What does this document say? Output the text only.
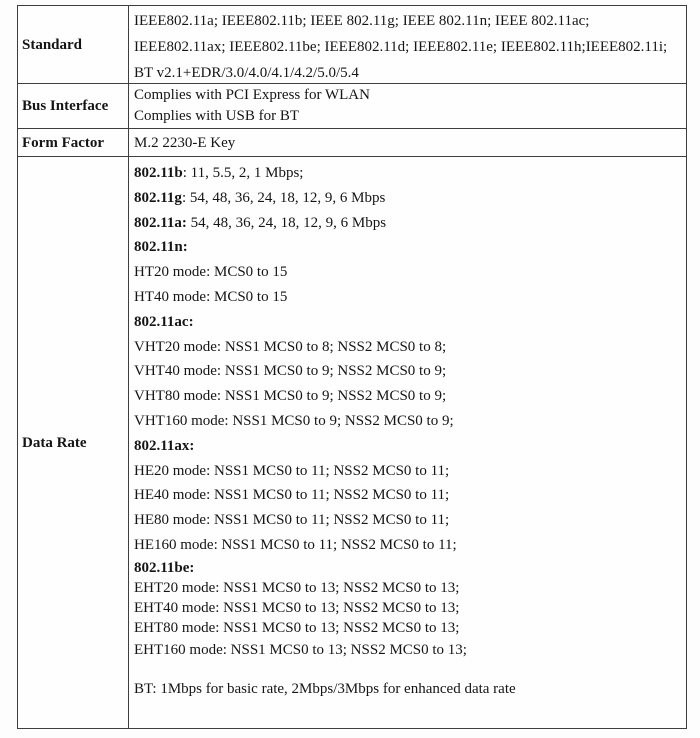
Standard
IEEE802.11a; IEEE802.11b; IEEE 802.11g; IEEE 802.11n; IEEE 802.11ac;
IEEE802.11ax; IEEE802.11be; IEEE802.11d; IEEE802.11e; IEEE802.11h;IEEE802.11i;
BT v2.1+EDR/3.0/4.0/4.1/4.2/5.0/5.4
Bus Interface
Complies with PCI Express for WLAN
Complies with USB for BT
Form Factor	M.2 2230-E Key
Data Rate
802.11b: 11, 5.5, 2, 1 Mbps;
802.11g: 54, 48, 36, 24, 18, 12, 9, 6 Mbps
802.11a: 54, 48, 36, 24, 18, 12, 9, 6 Mbps
802.11n:
HT20 mode: MCS0 to 15
HT40 mode: MCS0 to 15
802.11ac:
VHT20 mode: NSS1 MCS0 to 8; NSS2 MCS0 to 8;
VHT40 mode: NSS1 MCS0 to 9; NSS2 MCS0 to 9;
VHT80 mode: NSS1 MCS0 to 9; NSS2 MCS0 to 9;
VHT160 mode: NSS1 MCS0 to 9; NSS2 MCS0 to 9;
802.11ax:
HE20 mode: NSS1 MCS0 to 11; NSS2 MCS0 to 11;
HE40 mode: NSS1 MCS0 to 11; NSS2 MCS0 to 11;
HE80 mode: NSS1 MCS0 to 11; NSS2 MCS0 to 11;
HE160 mode: NSS1 MCS0 to 11; NSS2 MCS0 to 11;
802.11be:
EHT20 mode: NSS1 MCS0 to 13; NSS2 MCS0 to 13;
EHT40 mode: NSS1 MCS0 to 13; NSS2 MCS0 to 13;
EHT80 mode: NSS1 MCS0 to 13; NSS2 MCS0 to 13;
EHT160 mode: NSS1 MCS0 to 13; NSS2 MCS0 to 13;

BT: 1Mbps for basic rate, 2Mbps/3Mbps for enhanced data rate
